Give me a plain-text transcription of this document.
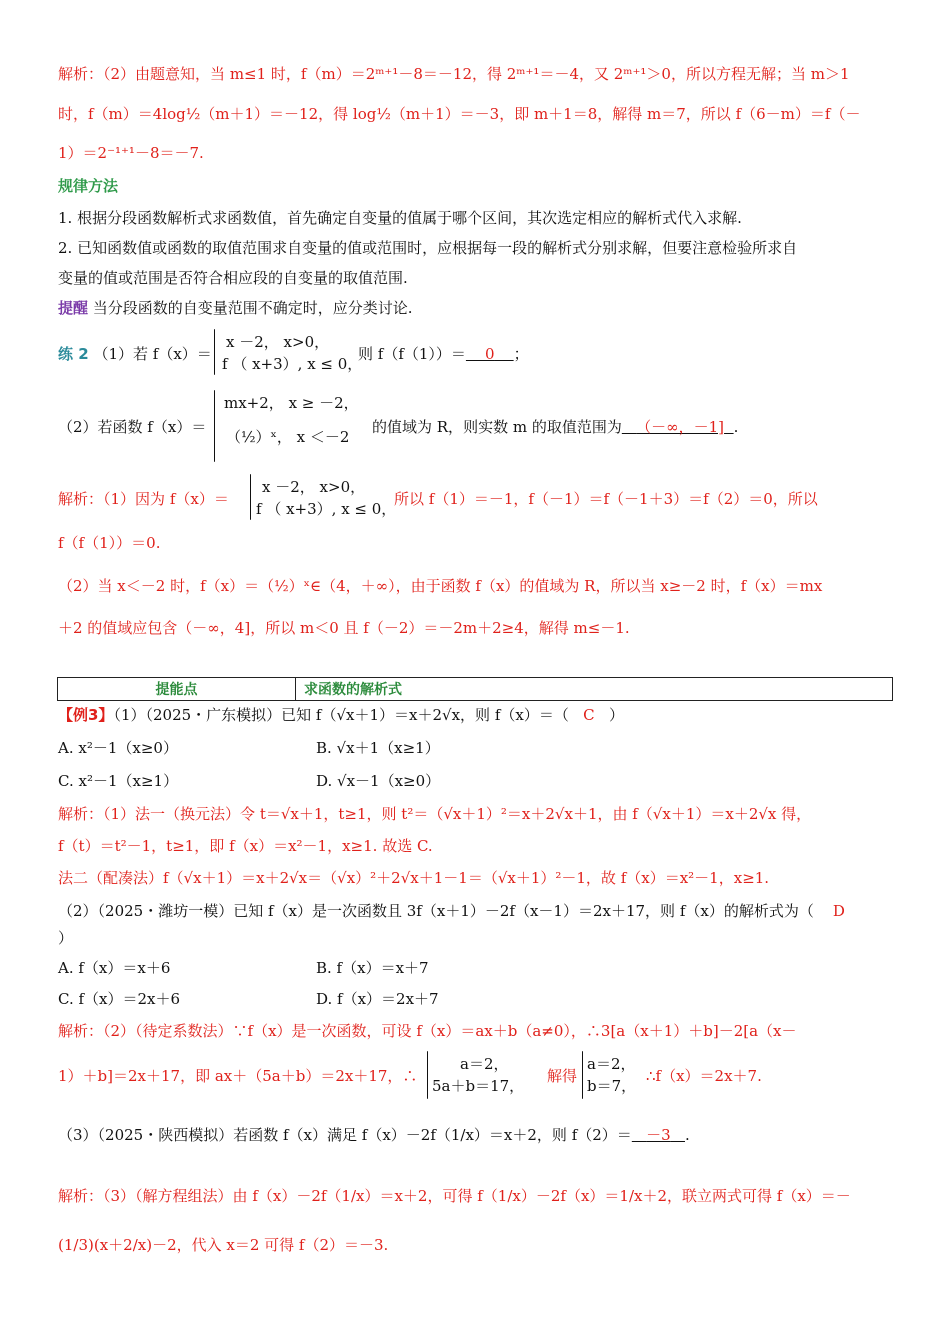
解析：（2）由题意知，当 m≤1 时，f（m）＝2ᵐ⁺¹－8＝－12，得 2ᵐ⁺¹＝－4，又 2ᵐ⁺¹＞0，所以方程无解；当 m＞1
时，f（m）＝4log½（m＋1）＝－12，得 log½（m＋1）＝－3，即 m＋1＝8，解得 m＝7，所以 f（6－m）＝f（－
1）＝2⁻¹⁺¹－8＝－7.
规律方法
1. 根据分段函数解析式求函数值，首先确定自变量的值属于哪个区间，其次选定相应的解析式代入求解.
2. 已知函数值或函数的取值范围求自变量的值或范围时，应根据每一段的解析式分别求解，但要注意检验所求自
变量的值或范围是否符合相应段的自变量的取值范围.
提醒 当分段函数的自变量范围不确定时，应分类讨论.
练 2 （1）若 f（x）＝
x －2， x>0，
f （ x+3）, x ≤ 0，
则 f（f（1））＝ 0 ；
（2）若函数 f（x）＝
mx+2， x ≥ －2，
（½）ˣ， x ＜－2
的值域为 R，则实数 m 的取值范围为 （－∞，－1] .
解析：（1）因为 f（x）＝
x －2， x>0，
f （ x+3）, x ≤ 0，
所以 f（1）＝－1，f（－1）＝f（－1＋3）＝f（2）＝0，所以
f（f（1））＝0.
（2）当 x＜－2 时，f（x）＝（½）ˣ∈（4，＋∞），由于函数 f（x）的值域为 R，所以当 x≥－2 时，f（x）＝mx
＋2 的值域应包含（－∞，4]，所以 m＜0 且 f（－2）＝－2m＋2≥4，解得 m≤－1.
提能点	求函数的解析式
【例3】（1）（2025・广东模拟）已知 f（√x＋1）＝x＋2√x，则 f（x）＝（ C ）
A. x²－1（x≥0）	B. √x＋1（x≥1）
C. x²－1（x≥1）	D. √x－1（x≥0）
解析：（1）法一（换元法）令 t＝√x＋1，t≥1，则 t²＝（√x＋1）²＝x＋2√x＋1，由 f（√x＋1）＝x＋2√x 得，
f（t）＝t²－1，t≥1，即 f（x）＝x²－1，x≥1. 故选 C.
法二（配凑法）f（√x＋1）＝x＋2√x＝（√x）²＋2√x＋1－1＝（√x＋1）²－1，故 f（x）＝x²－1，x≥1.
（2）（2025・潍坊一模）已知 f（x）是一次函数且 3f（x＋1）－2f（x－1）＝2x＋17，则 f（x）的解析式为（ D
）
A. f（x）＝x＋6	B. f（x）＝x＋7
C. f（x）＝2x＋6	D. f（x）＝2x＋7
解析：（2）（待定系数法）∵f（x）是一次函数，可设 f（x）＝ax＋b（a≠0），∴3[a（x＋1）＋b]－2[a（x－
1）＋b]＝2x＋17，即 ax＋（5a＋b）＝2x＋17，∴
a＝2，
5a＋b＝17，
解得
a＝2，
b＝7，
∴f（x）＝2x＋7.
（3）（2025・陕西模拟）若函数 f（x）满足 f（x）－2f（1/x）＝x＋2，则 f（2）＝ －3 .
解析：（3）（解方程组法）由 f（x）－2f（1/x）＝x＋2，可得 f（1/x）－2f（x）＝1/x＋2，联立两式可得 f（x）＝－
(1/3)(x＋2/x)－2，代入 x＝2 可得 f（2）＝－3.
